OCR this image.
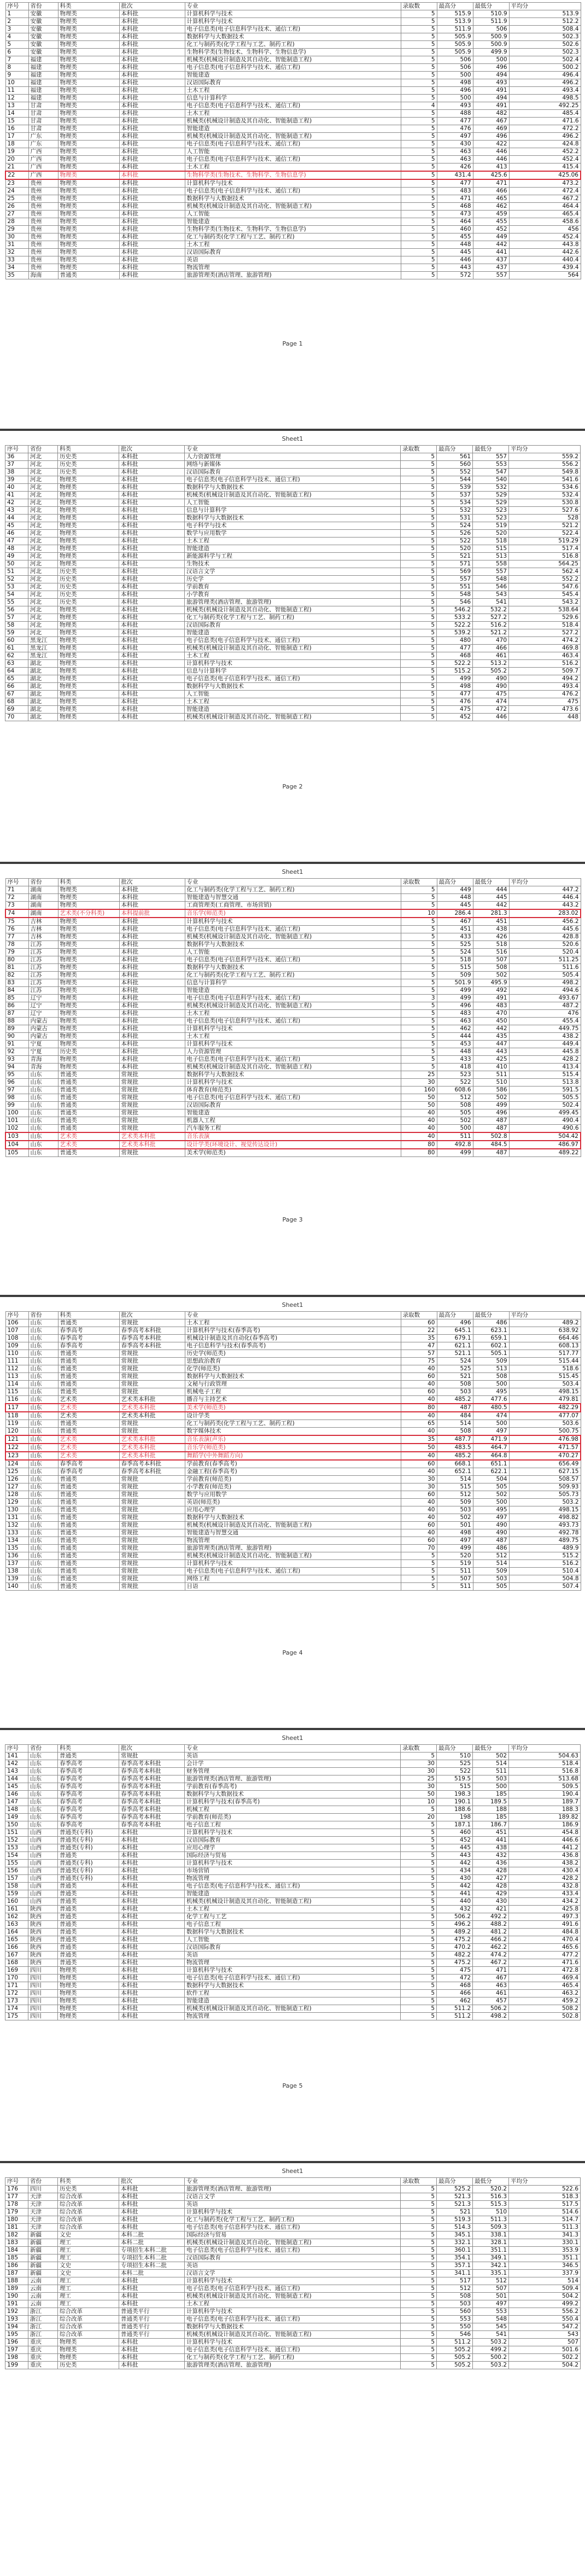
序号	省份	科类	批次	专业	录取数	最高分	最低分	平均分
1	安徽	物理类	本科批	计算机科学与技术	5	515.9	510.9	513.9
2	安徽	物理类	本科批	计算机科学与技术	5	513.9	511.9	512.2
3	安徽	物理类	本科批	电子信息类(电子信息科学与技术、通信工程)	5	511.9	506	508.4
4	安徽	物理类	本科批	数据科学与大数据技术	5	505.9	500.9	502.3
5	安徽	物理类	本科批	化工与制药类(化学工程与工艺、制药工程)	5	505.9	500.9	502.6
6	安徽	物理类	本科批	生物科学类(生物技术、生物科学、生物信息学)	5	505.9	499.9	502.3
7	福建	物理类	本科批	机械类(机械设计制造及其自动化、智能制造工程)	5	506	500	502.4
8	福建	物理类	本科批	电子信息类(电子信息科学与技术、通信工程)	5	506	496	500.2
9	福建	物理类	本科批	智能建造	5	500	494	496.4
10	福建	物理类	本科批	汉语国际教育	5	498	493	496.2
11	福建	物理类	本科批	土木工程	5	496	491	493.4
12	福建	物理类	本科批	信息与计算科学	5	500	494	498.5
13	甘肃	物理类	本科批	电子信息类(电子信息科学与技术、通信工程)	4	493	491	492.25
14	甘肃	物理类	本科批	土木工程	5	488	482	485.4
15	甘肃	物理类	本科批	机械类(机械设计制造及其自动化、智能制造工程)	5	477	467	471.6
16	甘肃	物理类	本科批	智能建造	5	476	469	472.2
17	广东	物理类	本科批	机械类(机械设计制造及其自动化、智能制造工程)	5	497	496	496.2
18	广东	物理类	本科批	电子信息类(电子信息科学与技术、通信工程)	5	430	422	424.8
19	广西	物理类	本科批	人工智能	5	463	446	452.2
20	广西	物理类	本科批	电子信息类(电子信息科学与技术、通信工程)	5	463	446	452.4
21	广西	物理类	本科批	土木工程	5	426	413	415.4
22	广西	物理类	本科批	生物科学类(生物技术、生物科学、生物信息学)	5	431.4	425.6	425.06
23	贵州	物理类	本科批	计算机科学与技术	5	477	471	473.2
24	贵州	物理类	本科批	电子信息类(电子信息科学与技术、通信工程)	5	483	466	472.4
25	贵州	物理类	本科批	数据科学与大数据技术	5	471	465	467.2
26	贵州	物理类	本科批	机械类(机械设计制造及其自动化、智能制造工程)	5	468	462	464.4
27	贵州	物理类	本科批	人工智能	5	473	459	465.4
28	贵州	物理类	本科批	智能建造	5	464	455	458.6
29	贵州	物理类	本科批	生物科学类(生物技术、生物科学、生物信息学)	5	460	452	456
30	贵州	物理类	本科批	化工与制药类(化学工程与工艺、制药工程)	5	455	449	452.4
31	贵州	物理类	本科批	土木工程	5	448	442	443.8
32	贵州	物理类	本科批	汉语国际教育	5	445	441	442.6
33	贵州	物理类	本科批	英语	5	446	437	440.4
34	贵州	物理类	本科批	物流管理	5	443	437	439.4
35	海南	普通类	本科批	旅游管理类(酒店管理、旅游管理)	5	572	557	564
Page 1
Sheet1
序号	省份	科类	批次	专业	录取数	最高分	最低分	平均分
36	河北	历史类	本科批	人力资源管理	5	561	557	559.2
37	河北	历史类	本科批	网络与新媒体	5	560	553	556.2
38	河北	历史类	本科批	汉语国际教育	5	552	547	549.8
39	河北	物理类	本科批	电子信息类(电子信息科学与技术、通信工程)	5	544	540	541.6
40	河北	物理类	本科批	数据科学与大数据技术	5	539	532	534.6
41	河北	物理类	本科批	机械类(机械设计制造及其自动化、智能制造工程)	5	537	529	532.4
42	河北	物理类	本科批	人工智能	5	534	529	530.8
43	河北	物理类	本科批	信息与计算科学	5	532	523	527.6
44	河北	物理类	本科批	数据科学与大数据技术	5	531	523	528
45	河北	物理类	本科批	电子科学与技术	5	524	519	521.2
46	河北	物理类	本科批	数学与应用数学	5	526	520	522.4
47	河北	物理类	本科批	土木工程	5	522	518	519.29
48	河北	物理类	本科批	智能建造	5	520	515	517.4
49	河北	物理类	本科批	新能源科学与工程	5	521	513	516.8
50	河北	物理类	本科批	生物技术	5	571	558	564.25
51	河北	历史类	本科批	汉语言文学	5	569	557	562.4
52	河北	历史类	本科批	历史学	5	557	548	552.2
53	河北	历史类	本科批	学前教育	5	551	546	547.6
54	河北	历史类	本科批	小学教育	5	548	543	545.4
55	河北	历史类	本科批	旅游管理类(酒店管理、旅游管理)	5	546	541	543.2
56	河北	物理类	本科批	机械类(机械设计制造及其自动化、智能制造工程)	5	546.2	532.2	538.64
57	河北	物理类	本科批	化工与制药类(化学工程与工艺、制药工程)	5	533.2	527.2	529.6
58	河北	物理类	本科批	汉语国际教育	5	522.2	516.2	518.4
59	河北	物理类	本科批	智能建造	5	539.2	521.2	527.2
60	黑龙江	物理类	本科批	电子信息类(电子信息科学与技术、通信工程)	5	480	470	474.2
61	黑龙江	物理类	本科批	机械类(机械设计制造及其自动化、智能制造工程)	5	477	466	469.8
62	黑龙江	物理类	本科批	土木工程	5	468	461	463.4
63	湖北	物理类	本科批	计算机科学与技术	5	522.2	513.2	516.2
64	湖北	物理类	本科批	信息与计算科学	5	515.2	505.2	509.7
65	湖北	物理类	本科批	电子信息类(电子信息科学与技术、通信工程)	5	499	490	494.2
66	湖北	物理类	本科批	数据科学与大数据技术	5	498	490	493.4
67	湖北	物理类	本科批	人工智能	5	477	475	476.2
68	湖北	物理类	本科批	土木工程	5	476	474	475
69	湖北	物理类	本科批	智能建造	5	475	472	473.6
70	湖北	物理类	本科批	机械类(机械设计制造及其自动化、智能制造工程)	5	452	446	448
Page 2
Sheet1
序号	省份	科类	批次	专业	录取数	最高分	最低分	平均分
71	湖南	物理类	本科批	化工与制药类(化学工程与工艺、制药工程)	5	449	444	447.2
72	湖南	物理类	本科批	智能建造与智慧交通	5	448	445	446.4
73	湖南	物理类	本科批	工商管理类(工商管理、市场营销)	5	445	442	443.2
74	湖南	艺术类(不分科类)	本科提前批	音乐学(师范类)	10	286.4	281.3	283.02
75	吉林	物理类	本科批	计算机科学与技术	5	467	451	456.2
76	吉林	物理类	本科批	电子信息类(电子信息科学与技术、通信工程)	5	451	438	445.6
77	吉林	物理类	本科批	机械类(机械设计制造及其自动化、智能制造工程)	5	433	426	428.8
78	江苏	物理类	本科批	数据科学与大数据技术	5	525	518	520.6
79	江苏	物理类	本科批	人工智能	5	524	516	520.4
80	江苏	物理类	本科批	电子信息类(电子信息科学与技术、通信工程)	5	518	507	511.25
81	江苏	物理类	本科批	数据科学与大数据技术	5	515	508	511.6
82	江苏	物理类	本科批	化工与制药类(化学工程与工艺、制药工程)	5	509	502	505.4
83	江苏	物理类	本科批	信息与计算科学	5	501.9	495.9	498.2
84	江苏	物理类	本科批	智能建造	5	499	492	494.6
85	辽宁	物理类	本科批	电子信息类(电子信息科学与技术、通信工程)	3	499	491	493.67
86	辽宁	物理类	本科批	机械类(机械设计制造及其自动化、智能制造工程)	5	496	483	487.2
87	辽宁	物理类	本科批	土木工程	5	483	470	476
88	内蒙古	物理类	本科批	电子信息类(电子信息科学与技术、通信工程)	5	463	450	455.4
89	内蒙古	物理类	本科批	计算机科学与技术	5	462	442	449.75
90	内蒙古	物理类	本科批	土木工程	5	444	435	438.2
91	宁夏	物理类	本科批	计算机科学与技术	5	453	447	449.4
92	宁夏	历史类	本科批	人力资源管理	5	448	443	445.8
93	青海	物理类	本科批	电子信息类(电子信息科学与技术、通信工程)	5	433	425	428.2
94	青海	物理类	本科批	机械类(机械设计制造及其自动化、智能制造工程)	5	418	410	413.4
95	山东	普通类	常规批	数据科学与大数据技术	25	523	511	515.4
96	山东	普通类	常规批	计算机科学与技术	30	522	510	513.8
97	山东	普通类	常规批	体育教育(师范类)	160	608.6	586	591.5
98	山东	普通类	常规批	电子信息类(电子信息科学与技术、通信工程)	50	512	502	505.5
99	山东	普通类	常规批	汉语国际教育	50	508	499	502.4
100	山东	普通类	常规批	智能建造	40	505	496	499.45
101	山东	普通类	常规批	机器人工程	40	502	487	490.4
102	山东	普通类	常规批	汽车服务工程	40	500	487	490.6
103	山东	艺术类	艺术类本科批	音乐表演	40	511	502.8	504.42
104	山东	艺术类	艺术类本科批	设计学类(环境设计、视觉传达设计)	80	492.8	484.5	486.97
105	山东	普通类	常规批	美术学(师范类)	80	499	487	489.22
Page 3
Sheet1
序号	省份	科类	批次	专业	录取数	最高分	最低分	平均分
106	山东	普通类	常规批	土木工程	60	496	486	489.2
107	山东	春季高考	春季高考本科批	计算机科学与技术(春季高考)	22	645.1	623.1	638.92
108	山东	春季高考	春季高考本科批	机械设计制造及其自动化(春季高考)	35	679.1	659.1	664.46
109	山东	春季高考	春季高考本科批	电子信息科学与技术(春季高考)	47	621.1	602.1	608.13
110	山东	普通类	常规批	历史学(师范类)	57	521.1	505.1	517.77
111	山东	普通类	常规批	思想政治教育	75	524	509	515.44
112	山东	普通类	常规批	化学(师范类)	40	525	513	518.6
113	山东	普通类	常规批	数据科学与大数据技术	60	521	508	515.45
114	山东	普通类	常规批	文秘与行政管理	40	508	500	503.4
115	山东	普通类	常规批	机械电子工程	60	503	495	498.15
116	山东	艺术类	艺术类本科批	播音与主持艺术	40	485.2	477.6	479.81
117	山东	艺术类	艺术类本科批	美术学(师范类)	80	487	480.5	482.29
118	山东	艺术类	艺术类本科批	设计学类	40	484	474	477.07
119	山东	普通类	常规批	化工与制药类(化学工程与工艺、制药工程)	65	514	500	503.6
120	山东	普通类	常规批	数字媒体技术	40	508	497	500.75
121	山东	艺术类	艺术类本科批	音乐表演(声乐)	35	487.7	471.9	476.98
122	山东	艺术类	艺术类本科批	音乐学(师范类)	50	483.5	464.7	471.57
123	山东	艺术类	艺术类本科批	舞蹈学(中外舞蹈方向)	40	485.2	464.8	470.27
124	山东	春季高考	春季高考本科批	学前教育(春季高考)	60	668.1	651.1	656.49
125	山东	春季高考	春季高考本科批	金融工程(春季高考)	40	652.1	622.1	627.15
126	山东	普通类	常规批	学前教育(师范类)	30	514	504	508.57
127	山东	普通类	常规批	小学教育(师范类)	30	515	505	509.93
128	山东	普通类	常规批	数学与应用数学	60	512	502	505.73
129	山东	普通类	常规批	英语(师范类)	40	509	500	503.2
130	山东	普通类	常规批	应用心理学	40	503	495	498.15
131	山东	普通类	常规批	数据科学与大数据技术	40	502	497	498.82
132	山东	普通类	常规批	机械类(机械设计制造及其自动化、智能制造工程)	60	501	490	493.73
133	山东	普通类	常规批	智能建造与智慧交通	40	498	490	492.78
134	山东	普通类	常规批	物流管理	60	497	487	489.75
135	山东	普通类	常规批	旅游管理类(酒店管理、旅游管理)	70	499	486	489.9
136	山东	普通类	常规批	机械类(机械设计制造及其自动化、智能制造工程)	5	520	512	515.2
137	山东	普通类	常规批	计算机科学与技术	5	519	514	516.2
138	山东	普通类	常规批	电子信息类(电子信息科学与技术、通信工程)	5	511	509	510.4
139	山东	普通类	常规批	网络工程	5	507	503	504.8
140	山东	普通类	常规批	日语	5	511	505	507.4
Page 4
Sheet1
序号	省份	科类	批次	专业	录取数	最高分	最低分	平均分
141	山东	普通类	常规批	英语	5	510	502	504.63
142	山东	春季高考	春季高考本科批	会计学	30	525	514	518.4
143	山东	春季高考	春季高考本科批	财务管理	30	522	511	516.8
144	山东	春季高考	春季高考本科批	旅游管理类(酒店管理、旅游管理)	25	519.5	503	513.68
145	山东	春季高考	春季高考本科批	学前教育(春季高考)	30	515	500	509.5
146	山东	春季高考	春季高考本科批	数据科学与大数据技术	50	198.3	185	190.4
147	山东	春季高考	春季高考本科批	计算机科学与技术(春季高考)	10	190.1	189.5	189.7
148	山东	春季高考	春季高考本科批	机械工程	5	188.6	188	188.3
149	山东	春季高考	春季高考本科批	学前教育(师范类)	20	198	185	189.82
150	山东	春季高考	春季高考本科批	电子信息工程	5	187.1	186.7	186.9
151	山西	普通类(专科)	本科批	计算机科学与技术	5	460	451	454.8
152	山西	普通类(专科)	本科批	汉语国际教育	5	452	441	446.6
153	山西	普通类(专科)	本科批	应用心理学	5	445	438	441.2
154	山西	普通类	本科批	国际经济与贸易	5	443	432	436.8
155	山西	普通类(专科)	本科批	计算机科学与技术	5	442	436	438.2
156	山西	普通类(专科)	本科批	市场营销	5	434	428	430.4
157	山西	普通类(专科)	本科批	物流管理	5	430	427	428.2
158	山西	普通类	本科批	电子信息类(电子信息科学与技术、通信工程)	5	442	428	432.8
159	山西	普通类	本科批	智能建造	5	441	429	433.4
160	山西	普通类	本科批	机械类(机械设计制造及其自动化、智能制造工程)	5	440	430	434.2
161	陕西	普通类	本科批	土木工程	5	432	421	425.8
162	陕西	普通类	本科批	化学工程与工艺	5	506.2	492.2	497.3
163	陕西	普通类	本科批	电子信息工程	5	496.2	488.2	491.6
164	陕西	普通类	本科批	数据科学与大数据技术	5	489.2	481.2	484.8
165	陕西	普通类	本科批	人工智能	5	475.2	466.2	470.4
166	陕西	普通类	本科批	汉语国际教育	5	470.2	462.2	465.6
167	陕西	普通类	本科批	英语	5	482.2	474.2	477.2
168	陕西	普通类	本科批	物流管理	5	475.2	467.2	471.6
169	四川	物理类	本科批	计算机科学与技术	5	475	471	472.8
170	四川	物理类	本科批	电子信息类(电子信息科学与技术、通信工程)	5	472	467	469.4
171	四川	物理类	本科批	数据科学与大数据技术	5	468	463	465.4
172	四川	物理类	本科批	软件工程	5	466	461	463.2
173	四川	物理类	本科批	智能建造	5	462	457	459.2
174	四川	物理类	本科批	机械类(机械设计制造及其自动化、智能制造工程)	5	511.2	506.2	508.2
175	四川	物理类	本科批	物流管理	5	511.2	498.2	502.8
Page 5
Sheet1
序号	省份	科类	批次	专业	录取数	最高分	最低分	平均分
176	四川	历史类	本科批	旅游管理类(酒店管理、旅游管理)	5	525.2	520.2	522.6
177	天津	综合改革	本科批	汉语言文学	5	521.3	516.3	518.3
178	天津	综合改革	本科批	英语	5	521.3	515.3	517.5
179	天津	综合改革	本科批	计算机科学与技术	5	521	510	514.6
180	天津	综合改革	本科批	化工与制药类(化学工程与工艺、制药工程)	5	519.3	511.3	514.7
181	天津	综合改革	本科批	电子信息类(电子信息科学与技术、通信工程)	5	514.3	509.3	511.3
182	新疆	文史	本科二批	国际经济与贸易	5	345.1	338.1	341.3
183	新疆	理工	本科二批	机械类(机械设计制造及其自动化、智能制造工程)	5	332.1	328.1	330.1
184	新疆	理工	专项招生本科二批	电子信息类(电子信息科学与技术、通信工程)	5	360.1	351.1	353.9
185	新疆	理工	专项招生本科二批	汉语国际教育	5	354.1	349.1	351.1
186	新疆	文史	专项招生本科二批	英语	5	357.1	342.1	346.5
187	新疆	文史	本科二批	汉语言文学	5	341.1	335.1	337.9
188	云南	理工	本科批	计算机科学与技术	5	517	512	514
189	云南	理工	本科批	电子信息类(电子信息科学与技术、通信工程)	5	512	507	509.4
190	云南	理工	本科批	机械类(机械设计制造及其自动化、智能制造工程)	5	508	501	504.2
191	云南	理工	本科批	土木工程	5	503	497	499.2
192	浙江	综合改革	普通类平行	计算机科学与技术	5	560	553	556.2
193	浙江	综合改革	普通类平行	电子信息类(电子信息科学与技术、通信工程)	5	553	548	550.4
194	浙江	综合改革	普通类平行	数据科学与大数据技术	5	550	545	547.2
195	浙江	综合改革	普通类平行	机械类(机械设计制造及其自动化、智能制造工程)	5	546	541	543
196	重庆	物理类	本科批	计算机科学与技术	5	511.2	503.2	507
197	重庆	物理类	本科批	电子信息类(电子信息科学与技术、通信工程)	5	505.2	499.2	501.6
198	重庆	物理类	本科批	化工与制药类(化学工程与工艺、制药工程)	5	505.2	500.2	502.2
199	重庆	历史类	本科批	旅游管理类(酒店管理、旅游管理)	5	505.2	503.2	504.2
